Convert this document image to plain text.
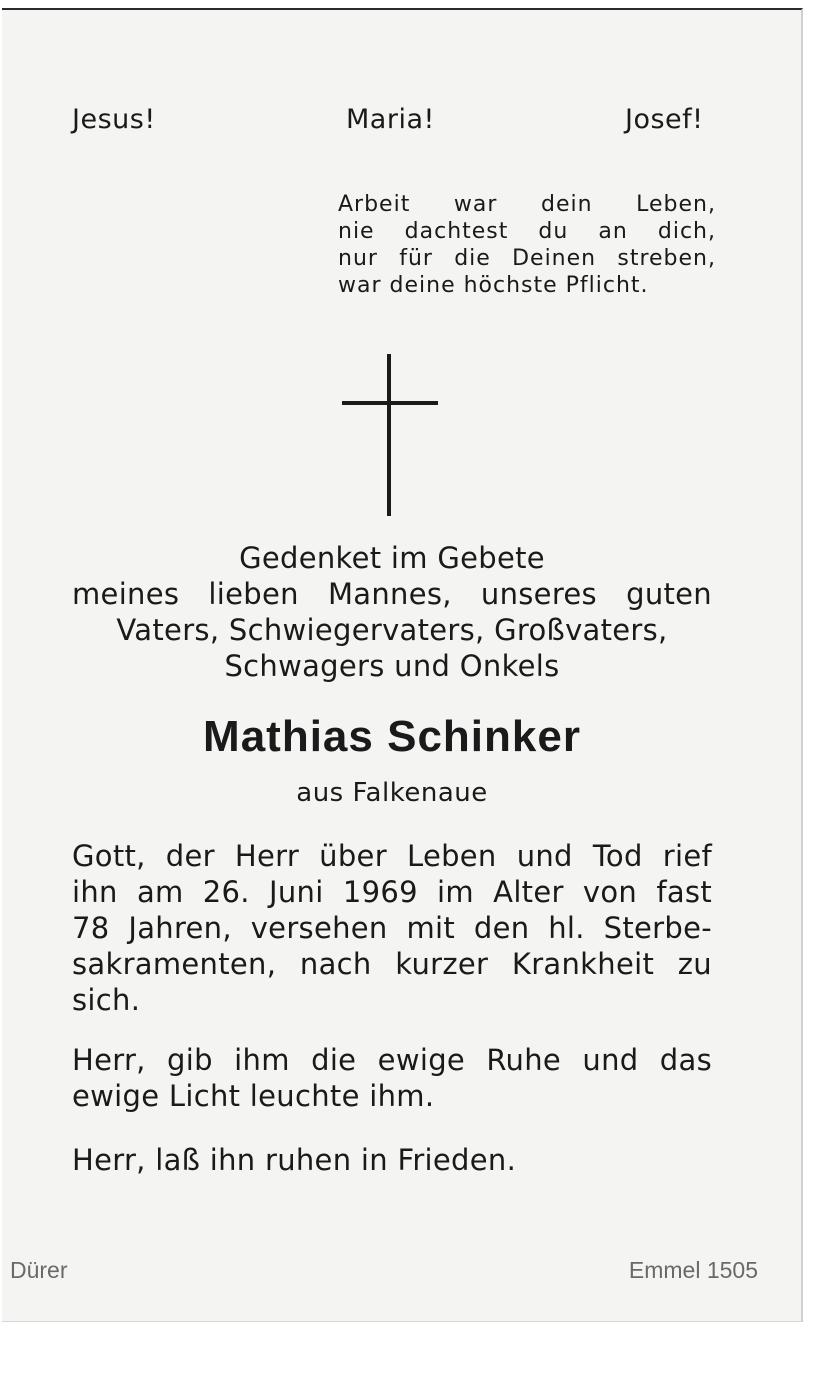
Jesus!	Maria!	Josef!
Arbeit war dein Leben,
nie dachtest du an dich,
nur für die Deinen streben,
war deine höchste Pflicht.
Gedenket im Gebete
meines lieben Mannes, unseres guten
Vaters, Schwiegervaters, Großvaters,
Schwagers und Onkels
Mathias Schinker
aus Falkenaue
Gott, der Herr über Leben und Tod rief
ihn am 26. Juni 1969 im Alter von fast
78 Jahren, versehen mit den hl. Sterbe-
sakramenten, nach kurzer Krankheit zu
sich.
Herr, gib ihm die ewige Ruhe und das
ewige Licht leuchte ihm.
Herr, laß ihn ruhen in Frieden.
Dürer	Emmel 1505
